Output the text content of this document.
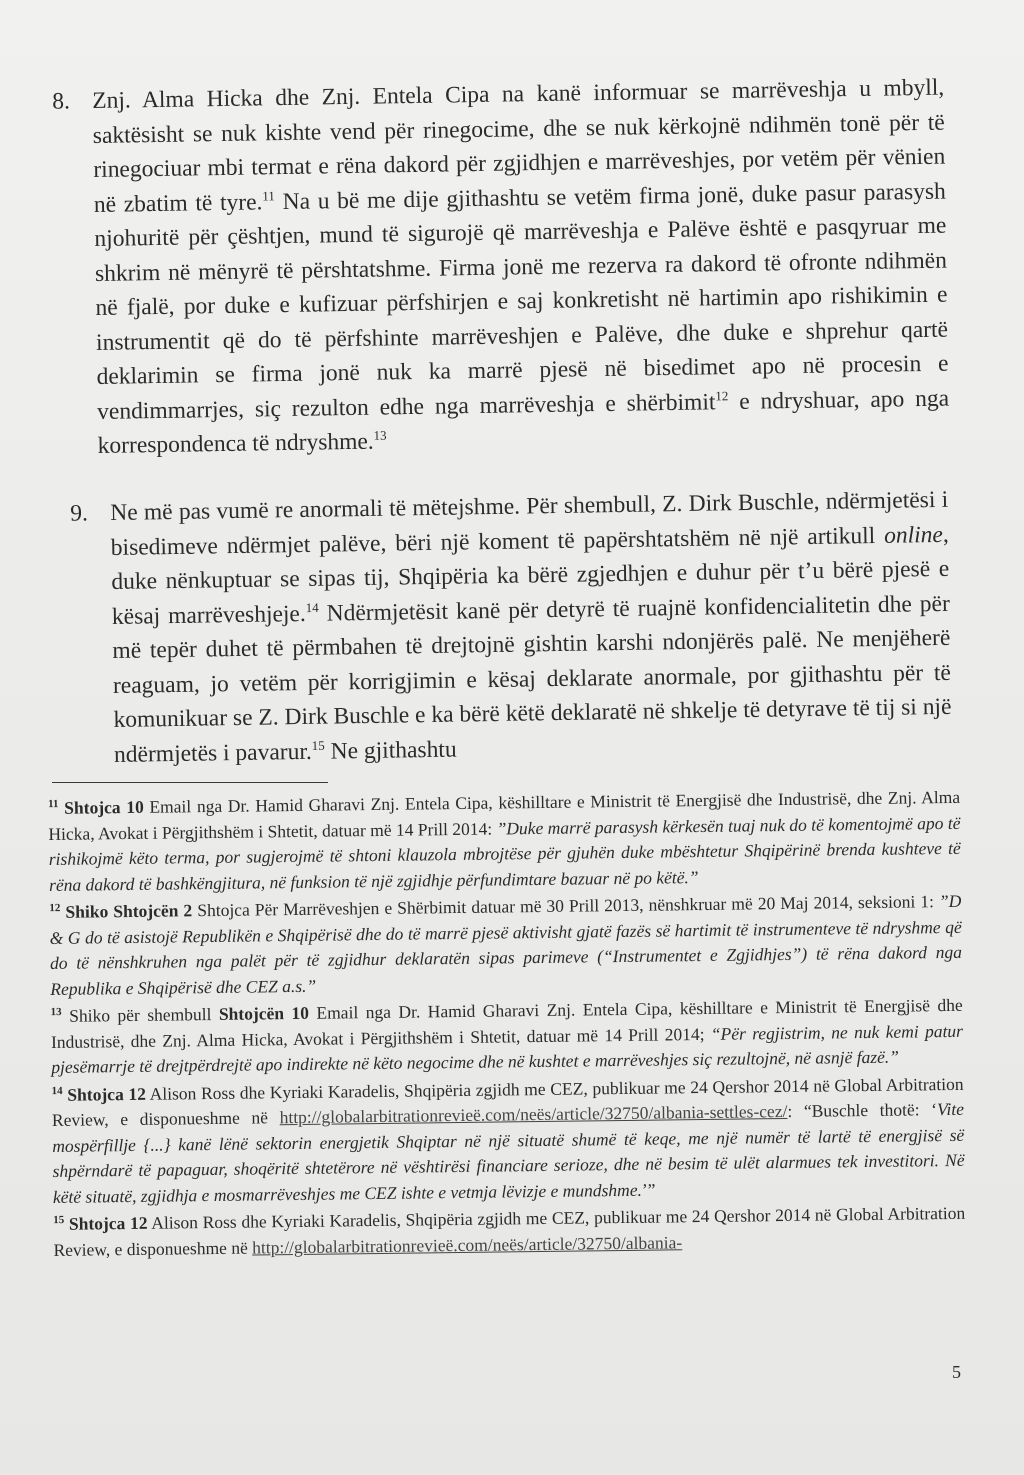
8. Znj. Alma Hicka dhe Znj. Entela Cipa na kanë informuar se marrëveshja u mbyll, saktësisht se nuk kishte vend për rinegocime, dhe se nuk kërkojnë ndihmën tonë për të rinegociuar mbi termat e rëna dakord për zgjidhjen e marrëveshjes, por vetëm për vënien në zbatim të tyre.$^{11}$ Na u bë me dije gjithashtu se vetëm firma jonë, duke pasur parasysh njohuritë për çështjen, mund të sigurojë që marrëveshja e Palëve është e pasqyruar me shkrim në mënyrë të përshtatshme. Firma jonë me rezerva ra dakord të ofronte ndihmën në fjalë, por duke e kufizuar përfshirjen e saj konkretisht në hartimin apo rishikimin e instrumentit që do të përfshinte marrëveshjen e Palëve, dhe duke e shprehur qartë deklarimin se firma jonë nuk ka marrë pjesë në bisedimet apo në procesin e vendimmarrjes, siç rezulton edhe nga marrëveshja e shërbimit$^{12}$ e ndryshuar, apo nga korrespondenca të ndryshme.$^{13}$
9. Ne më pas vumë re anormali të mëtejshme. Për shembull, Z. Dirk Buschle, ndërmjetësi i bisedimeve ndërmjet palëve, bëri një koment të papërshtatshëm në një artikull online, duke nënkuptuar se sipas tij, Shqipëria ka bërë zgjedhjen e duhur për t’u bërë pjesë e kësaj marrëveshjeje.$^{14}$ Ndërmjetësit kanë për detyrë të ruajnë konfidencialitetin dhe për më tepër duhet të përmbahen të drejtojnë gishtin karshi ndonjërës palë. Ne menjëherë reaguam, jo vetëm për korrigjimin e kësaj deklarate anormale, por gjithashtu për të komunikuar se Z. Dirk Buschle e ka bërë këtë deklaratë në shkelje të detyrave të tij si një ndërmjetës i pavarur.$^{15}$ Ne gjithashtu

$^{11}$ Shtojca 10 Email nga Dr. Hamid Gharavi Znj. Entela Cipa, këshilltare e Ministrit të Energjisë dhe Industrisë, dhe Znj. Alma Hicka, Avokat i Përgjithshëm i Shtetit, datuar më 14 Prill 2014: ”Duke marrë parasysh kërkesën tuaj nuk do të komentojmë apo të rishikojmë këto terma, por sugjerojmë të shtoni klauzola mbrojtëse për gjuhën duke mbështetur Shqipërinë brenda kushteve të rëna dakord të bashkëngjitura, në funksion të një zgjidhje përfundimtare bazuar në po këtë.”

$^{12}$ Shiko Shtojcën 2 Shtojca Për Marrëveshjen e Shërbimit datuar më 30 Prill 2013, nënshkruar më 20 Maj 2014, seksioni 1: ”D & G do të asistojë Republikën e Shqipërisë dhe do të marrë pjesë aktivisht gjatë fazës së hartimit të instrumenteve të ndryshme që do të nënshkruhen nga palët për të zgjidhur deklaratën sipas parimeve (“Instrumentet e Zgjidhjes”) të rëna dakord nga Republika e Shqipërisë dhe CEZ a.s.”

$^{13}$ Shiko për shembull Shtojcën 10 Email nga Dr. Hamid Gharavi Znj. Entela Cipa, këshilltare e Ministrit të Energjisë dhe Industrisë, dhe Znj. Alma Hicka, Avokat i Përgjithshëm i Shtetit, datuar më 14 Prill 2014; “Për regjistrim, ne nuk kemi patur pjesëmarrje të drejtpërdrejtë apo indirekte në këto negocime dhe në kushtet e marrëveshjes siç rezultojnë, në asnjë fazë.”

$^{14}$ Shtojca 12 Alison Ross dhe Kyriaki Karadelis, Shqipëria zgjidh me CEZ, publikuar me 24 Qershor 2014 në Global Arbitration Review, e disponueshme në http://globalarbitrationrevieë.com/neës/article/32750/albania-settles-cez/: “Buschle thotë: ‘Vite mospërfillje {...} kanë lënë sektorin energjetik Shqiptar në një situatë shumë të keqe, me një numër të lartë të energjisë së shpërndarë të papaguar, shoqëritë shtetërore në vështirësi financiare serioze, dhe në besim të ulët alarmues tek investitori. Në këtë situatë, zgjidhja e mosmarrëveshjes me CEZ ishte e vetmja lëvizje e mundshme.’”

$^{15}$ Shtojca 12 Alison Ross dhe Kyriaki Karadelis, Shqipëria zgjidh me CEZ, publikuar me 24 Qershor 2014 në Global Arbitration Review, e disponueshme në http://globalarbitrationrevieë.com/neës/article/32750/albania-

5
